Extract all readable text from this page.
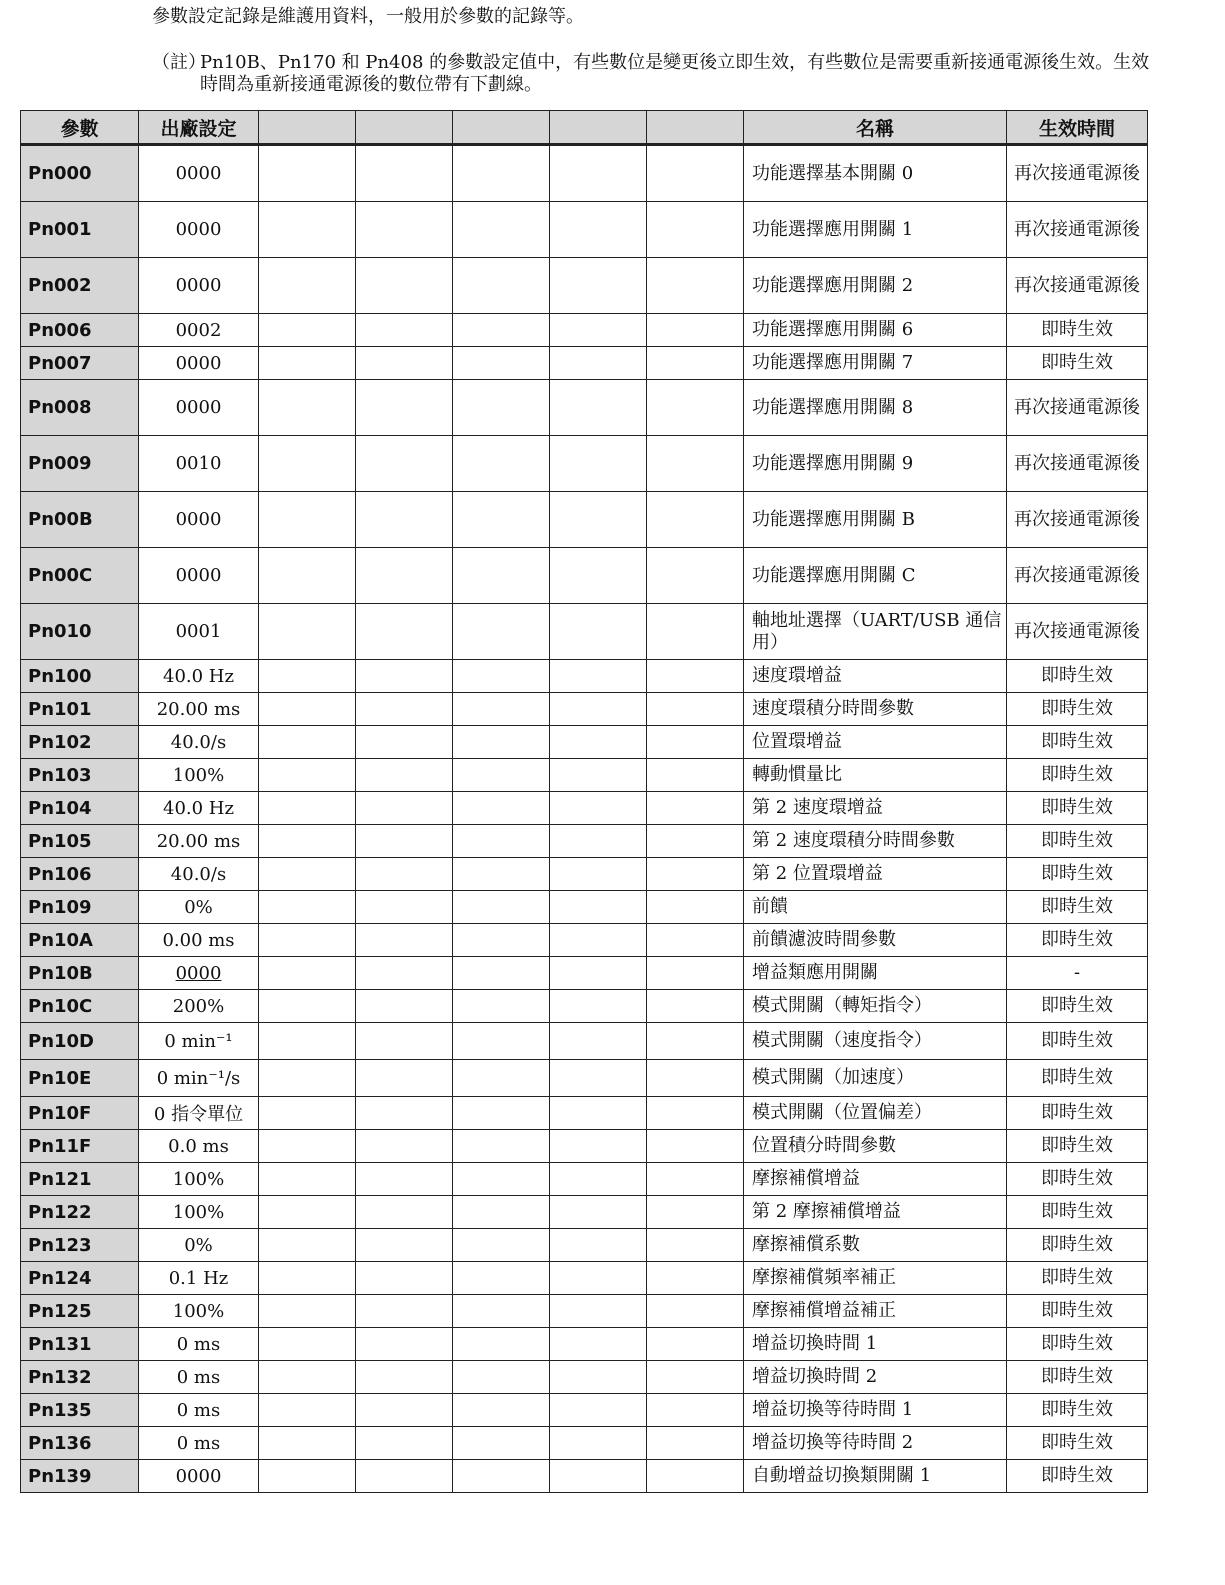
參數設定記錄是維護用資料，一般用於參數的記錄等。
（註）
Pn10B、Pn170 和 Pn408 的參數設定值中，有些數位是變更後立即生效，有些數位是需要重新接通電源後生效。生效時間為重新接通電源後的數位帶有下劃線。
參數	出廠設定						名稱	生效時間
Pn000	0000						功能選擇基本開關 0	再次接通電源後
Pn001	0000						功能選擇應用開關 1	再次接通電源後
Pn002	0000						功能選擇應用開關 2	再次接通電源後
Pn006	0002						功能選擇應用開關 6	即時生效
Pn007	0000						功能選擇應用開關 7	即時生效
Pn008	0000						功能選擇應用開關 8	再次接通電源後
Pn009	0010						功能選擇應用開關 9	再次接通電源後
Pn00B	0000						功能選擇應用開關 B	再次接通電源後
Pn00C	0000						功能選擇應用開關 C	再次接通電源後
Pn010	0001						軸地址選擇（UART/USB 通信用）	再次接通電源後
Pn100	40.0 Hz						速度環增益	即時生效
Pn101	20.00 ms						速度環積分時間參數	即時生效
Pn102	40.0/s						位置環增益	即時生效
Pn103	100%						轉動慣量比	即時生效
Pn104	40.0 Hz						第 2 速度環增益	即時生效
Pn105	20.00 ms						第 2 速度環積分時間參數	即時生效
Pn106	40.0/s						第 2 位置環增益	即時生效
Pn109	0%						前饋	即時生效
Pn10A	0.00 ms						前饋濾波時間參數	即時生效
Pn10B	0000						增益類應用開關	-
Pn10C	200%						模式開關（轉矩指令）	即時生效
Pn10D	0 min⁻¹						模式開關（速度指令）	即時生效
Pn10E	0 min⁻¹/s						模式開關（加速度）	即時生效
Pn10F	0 指令單位						模式開關（位置偏差）	即時生效
Pn11F	0.0 ms						位置積分時間參數	即時生效
Pn121	100%						摩擦補償增益	即時生效
Pn122	100%						第 2 摩擦補償增益	即時生效
Pn123	0%						摩擦補償系數	即時生效
Pn124	0.1 Hz						摩擦補償頻率補正	即時生效
Pn125	100%						摩擦補償增益補正	即時生效
Pn131	0 ms						增益切換時間 1	即時生效
Pn132	0 ms						增益切換時間 2	即時生效
Pn135	0 ms						增益切換等待時間 1	即時生效
Pn136	0 ms						增益切換等待時間 2	即時生效
Pn139	0000						自動增益切換類開關 1	即時生效
